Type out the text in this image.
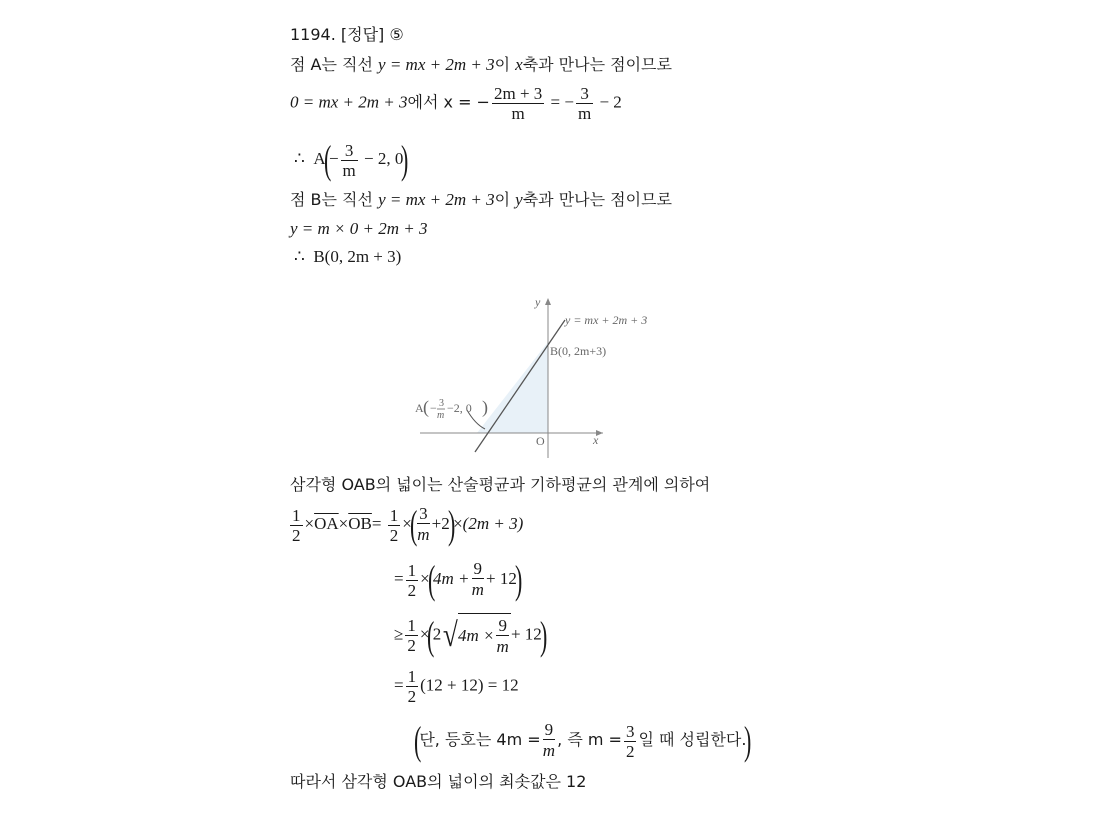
1194. [정답] ⑤
점 A는 직선 y = mx + 2m + 3이 x축과 만나는 점이므로
0 = mx + 2m + 3에서 x = − $\frac{2m + 3}{m}$ = − $\frac{3}{m} - 2$
∴ $A(- \frac{3}{m} - 2$, 0)
점 B는 직선 y = mx + 2m + 3이 y축과 만나는 점이므로
y = m × 0 + 2m + 3
∴ B(0, 2m + 3)
y
x
O
y = mx + 2m + 3
B(0, 2m+3)
A ( − 3
m
−2, 0 )
삼각형 OAB의 넓이는 산술평균과 기하평균의 관계에 의하여
$\frac{1}{2} \times\overline{OA}\times\overline{OB}= \frac{1}{2}$ ×( $\frac{3}{m} +2)\times(2m + 3)$
= $\frac{1}{2} \times(4m + \frac{9}{m} + 12)$
≥ $\frac{1}{2} \times(2√4m \times \frac{9}{m} + 12)$
= $\frac{1}{2} (12 + 12) = 12$
(단, 등호는 $4m = \frac{9}{m}$ , 즉 $m = \frac{3}{2}$ 일 때 성립한다.)
따라서 삼각형 OAB의 넓이의 최솟값은 12
